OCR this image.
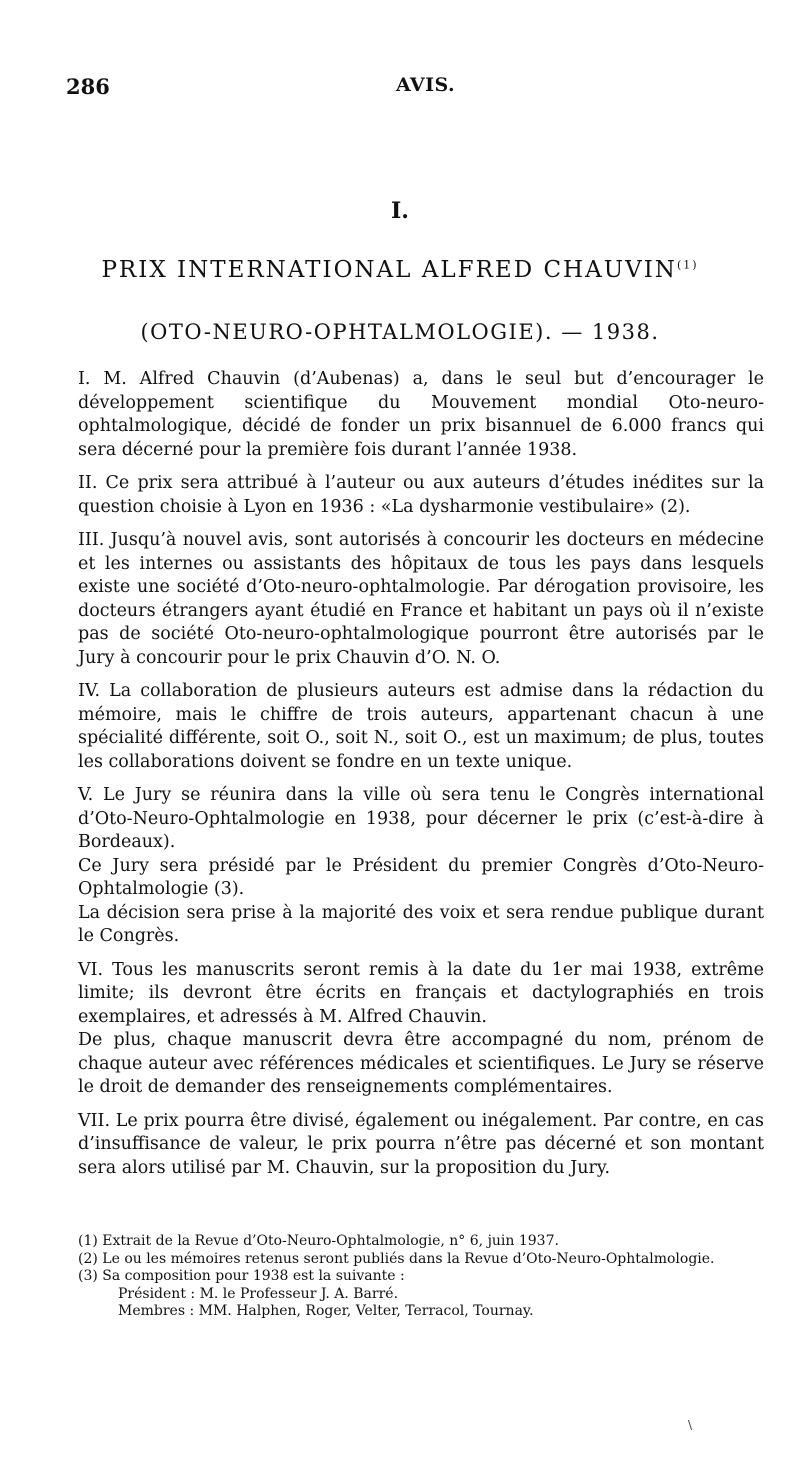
286	AVIS.
I.
PRIX INTERNATIONAL ALFRED CHAUVIN$^{(1)}$
(OTO-NEURO-OPHTALMOLOGIE). — 1938.

I. M. Alfred Chauvin (d’Aubenas) a, dans le seul but d’encourager le développement scientifique du Mouvement mondial Oto-neuro-ophtalmologique, décidé de fonder un prix bisannuel de 6.000 francs qui sera décerné pour la première fois durant l’année 1938.

II. Ce prix sera attribué à l’auteur ou aux auteurs d’études inédites sur la question choisie à Lyon en 1936 : «La dysharmonie vestibulaire» (2).

III. Jusqu’à nouvel avis, sont autorisés à concourir les docteurs en médecine et les internes ou assistants des hôpitaux de tous les pays dans lesquels existe une société d’Oto-neuro-ophtalmologie. Par dérogation provisoire, les docteurs étrangers ayant étudié en France et habitant un pays où il n’existe pas de société Oto-neuro-ophtalmologique pourront être autorisés par le Jury à concourir pour le prix Chauvin d’O. N. O.

IV. La collaboration de plusieurs auteurs est admise dans la rédaction du mémoire, mais le chiffre de trois auteurs, appartenant chacun à une spécialité différente, soit O., soit N., soit O., est un maximum; de plus, toutes les collaborations doivent se fondre en un texte unique.

V. Le Jury se réunira dans la ville où sera tenu le Congrès international d’Oto-Neuro-Ophtalmologie en 1938, pour décerner le prix (c’est-à-dire à Bordeaux).

Ce Jury sera présidé par le Président du premier Congrès d’Oto-Neuro-Ophtalmologie (3).

La décision sera prise à la majorité des voix et sera rendue publique durant le Congrès.

VI. Tous les manuscrits seront remis à la date du 1er mai 1938, extrême limite; ils devront être écrits en français et dactylographiés en trois exemplaires, et adressés à M. Alfred Chauvin.

De plus, chaque manuscrit devra être accompagné du nom, prénom de chaque auteur avec références médicales et scientifiques. Le Jury se réserve le droit de demander des renseignements complémentaires.

VII. Le prix pourra être divisé, également ou inégalement. Par contre, en cas d’insuffisance de valeur, le prix pourra n’être pas décerné et son montant sera alors utilisé par M. Chauvin, sur la proposition du Jury.

(1) Extrait de la Revue d’Oto-Neuro-Ophtalmologie, n° 6, juin 1937.

(2) Le ou les mémoires retenus seront publiés dans la Revue d’Oto-Neuro-Ophtalmologie.

(3) Sa composition pour 1938 est la suivante :

Président : M. le Professeur J. A. Barré.

Membres : MM. Halphen, Roger, Velter, Terracol, Tournay.

\
